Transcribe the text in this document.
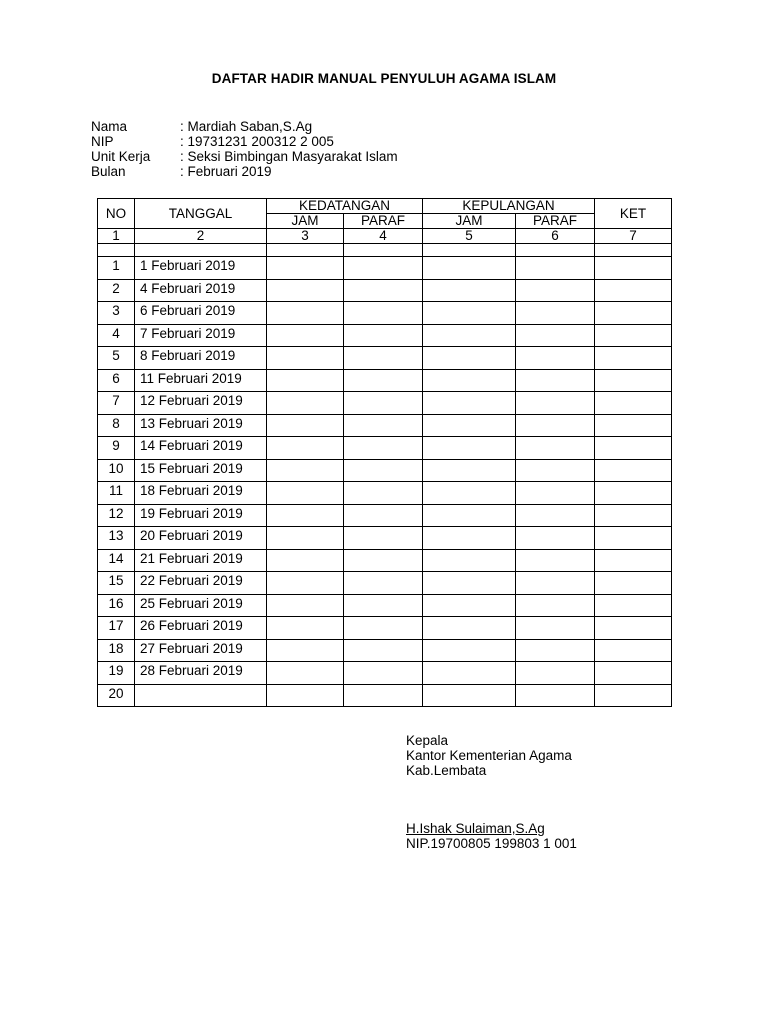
DAFTAR HADIR MANUAL PENYULUH AGAMA ISLAM
Nama	: Mardiah Saban,S.Ag
NIP	: 19731231 200312 2 005
Unit Kerja	: Seksi Bimbingan Masyarakat Islam
Bulan	: Februari 2019
NO	TANGGAL	KEDATANGAN		KEPULANGAN		KET
		JAM	PARAF	JAM	PARAF	
1	2	3	4	5	6	7

1	1 Februari 2019					
2	4 Februari 2019					
3	6 Februari 2019					
4	7 Februari 2019					
5	8 Februari 2019					
6	11 Februari 2019					
7	12 Februari 2019					
8	13 Februari 2019					
9	14 Februari 2019					
10	15 Februari 2019					
11	18 Februari 2019					
12	19 Februari 2019					
13	20 Februari 2019					
14	21 Februari 2019					
15	22 Februari 2019					
16	25 Februari 2019					
17	26 Februari 2019					
18	27 Februari 2019					
19	28 Februari 2019					
20						
Kepala
Kantor Kementerian Agama
Kab.Lembata
H.Ishak Sulaiman,S.Ag
NIP.19700805 199803 1 001
